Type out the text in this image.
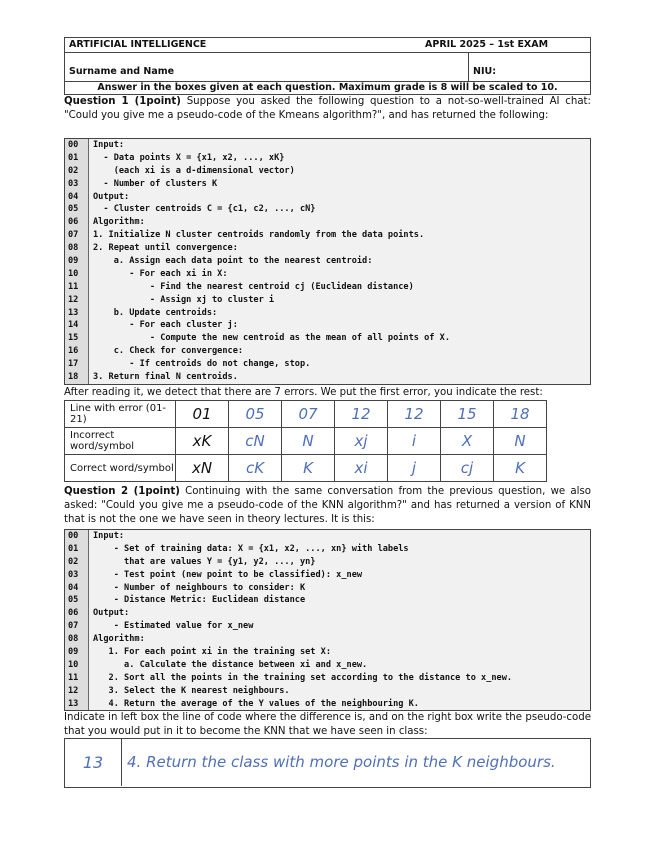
ARTIFICIAL INTELLIGENCE	APRIL 2025 – 1st EXAM
Surname and Name	NIU:
Answer in the boxes given at each question. Maximum grade is 8 will be scaled to 10.
Question 1 (1point) Suppose you asked the following question to a not-so-well-trained AI chat: "Could you give me a pseudo-code of the Kmeans algorithm?", and has returned the following:
00	Input:
01	- Data points X = {x1, x2, ..., xK}
02	(each xi is a d-dimensional vector)
03	- Number of clusters K
04	Output:
05	- Cluster centroids C = {c1, c2, ..., cN}
06	Algorithm:
07	1. Initialize N cluster centroids randomly from the data points.
08	2. Repeat until convergence:
09	a. Assign each data point to the nearest centroid:
10	- For each xi in X:
11	- Find the nearest centroid cj (Euclidean distance)
12	- Assign xj to cluster i
13	b. Update centroids:
14	- For each cluster j:
15	- Compute the new centroid as the mean of all points of X.
16	c. Check for convergence:
17	- If centroids do not change, stop.
18	3. Return final N centroids.
After reading it, we detect that there are 7 errors. We put the first error, you indicate the rest:
Line with error (01-21)	01	05	07	12	12	15	18
Incorrect word/symbol	xK	cN	N	xj	i	X	N
Correct word/symbol	xN	cK	K	xi	j	cj	K
Question 2 (1point) Continuing with the same conversation from the previous question, we also asked: "Could you give me a pseudo-code of the KNN algorithm?" and has returned a version of KNN that is not the one we have seen in theory lectures. It is this:
00	Input:
01	- Set of training data: X = {x1, x2, ..., xn} with labels
02	that are values Y = {y1, y2, ..., yn}
03	- Test point (new point to be classified): x_new
04	- Number of neighbours to consider: K
05	- Distance Metric: Euclidean distance
06	Output:
07	- Estimated value for x_new
08	Algorithm:
09	1. For each point xi in the training set X:
10	a. Calculate the distance between xi and x_new.
11	2. Sort all the points in the training set according to the distance to x_new.
12	3. Select the K nearest neighbours.
13	4. Return the average of the Y values of the neighbouring K.
Indicate in left box the line of code where the difference is, and on the right box write the pseudo-code that you would put in it to become the KNN that we have seen in class:
13	4. Return the class with more points in the K neighbours.
